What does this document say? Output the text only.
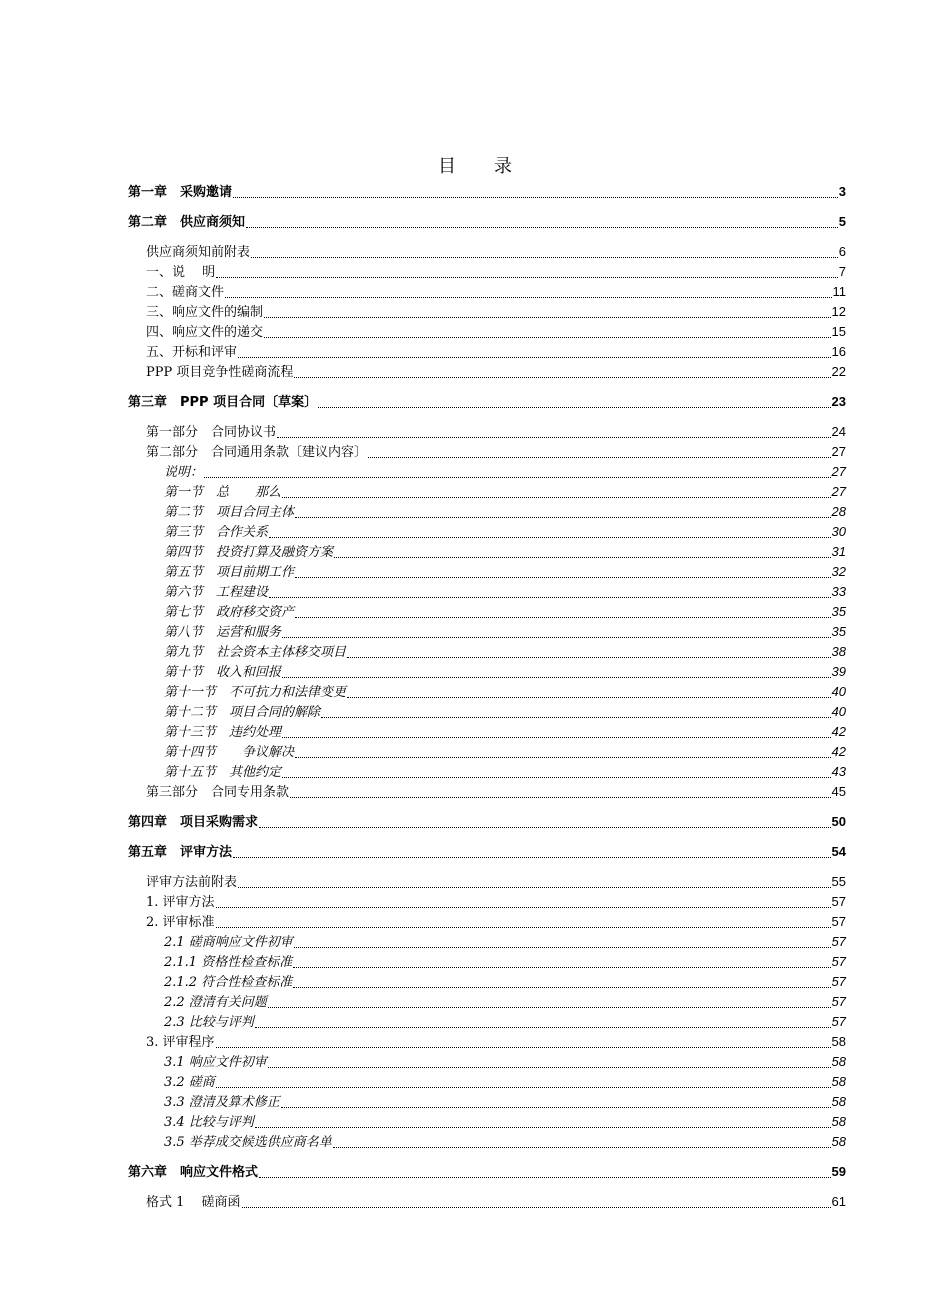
目 录
第一章　采购邀请	3
第二章　供应商须知	5
供应商须知前附表	6
一、说　 明	7
二、磋商文件	11
三、响应文件的编制	12
四、响应文件的递交	15
五、开标和评审	16
PPP 项目竞争性磋商流程	22
第三章　PPP 项目合同〔草案〕	23
第一部分　合同协议书	24
第二部分　合同通用条款〔建议内容〕	27
说明：	27
第一节　总　　那么	27
第二节　项目合同主体	28
第三节　合作关系	30
第四节　投资打算及融资方案	31
第五节　项目前期工作	32
第六节　工程建设	33
第七节　政府移交资产	35
第八节　运营和服务	35
第九节　社会资本主体移交项目	38
第十节　收入和回报	39
第十一节　不可抗力和法律变更	40
第十二节　项目合同的解除	40
第十三节　违约处理	42
第十四节　　争议解决	42
第十五节　其他约定	43
第三部分　合同专用条款	45
第四章　项目采购需求	50
第五章　评审方法	54
评审方法前附表	55
1. 评审方法	57
2. 评审标准	57
2.1 磋商响应文件初审	57
2.1.1 资格性检查标准	57
2.1.2 符合性检查标准	57
2.2 澄清有关问题	57
2.3 比较与评判	57
3. 评审程序	58
3.1 响应文件初审	58
3.2 磋商	58
3.3 澄清及算术修正	58
3.4 比较与评判	58
3.5 举荐成交候选供应商名单	58
第六章　响应文件格式	59
格式 1　 磋商函	61
